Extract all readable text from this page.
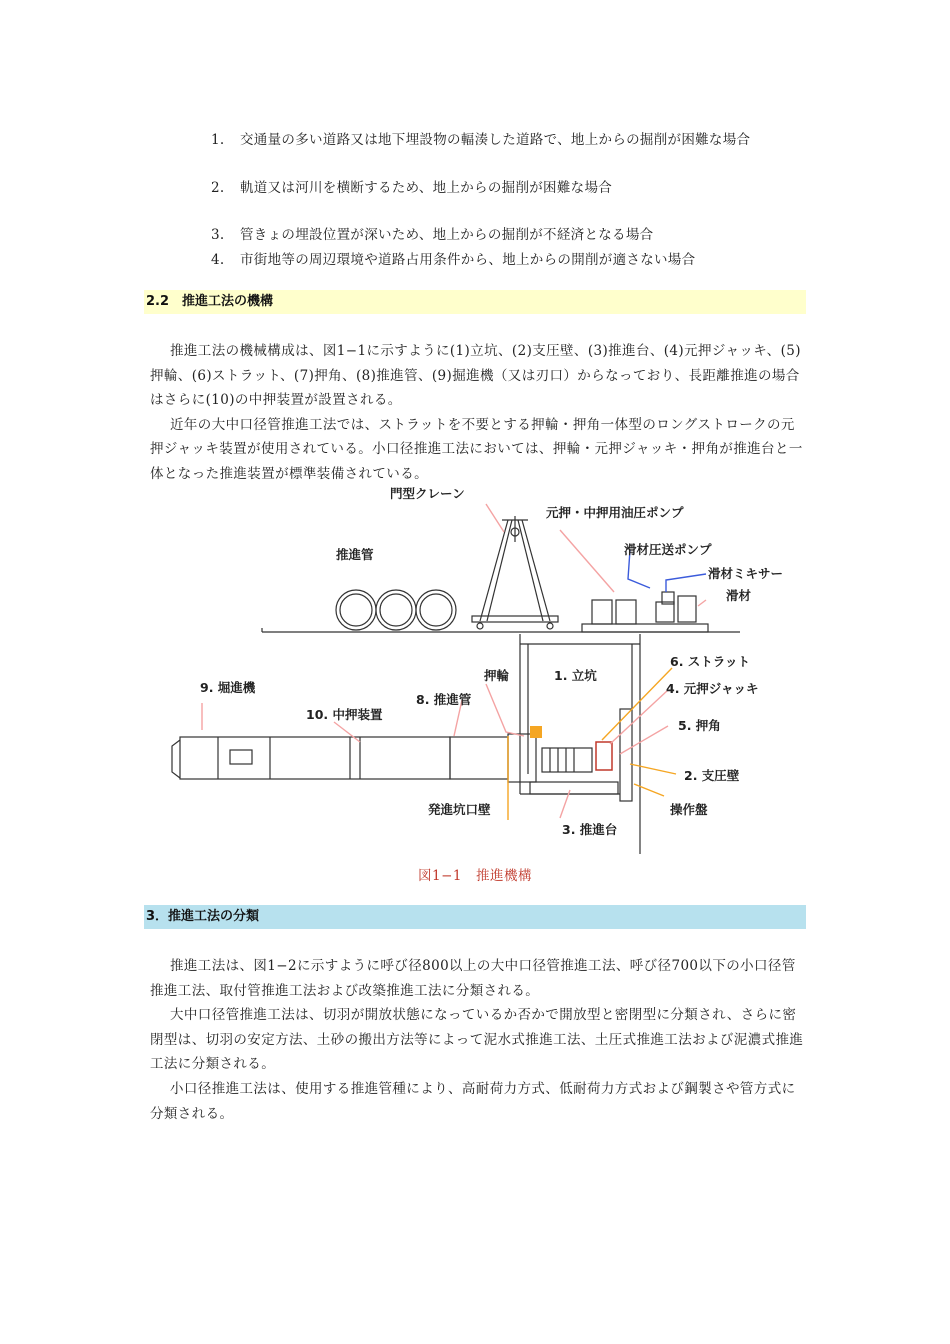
1. 交通量の多い道路又は地下埋設物の輻湊した道路で、地上からの掘削が困難な場合
2. 軌道又は河川を横断するため、地上からの掘削が困難な場合
3. 管きょの埋設位置が深いため、地上からの掘削が不経済となる場合
4. 市街地等の周辺環境や道路占用条件から、地上からの開削が適さない場合
2.2　推進工法の機構

推進工法の機械構成は、図1−1に示すように(1)立坑、(2)支圧壁、(3)推進台、(4)元押ジャッキ、(5)押輪、(6)ストラット、(7)押角、(8)推進管、(9)掘進機（又は刃口）からなっており、長距離推進の場合はさらに(10)の中押装置が設置される。

近年の大中口径管推進工法では、ストラットを不要とする押輪・押角一体型のロングストロークの元押ジャッキ装置が使用されている。小口径推進工法においては、押輪・元押ジャッキ・押角が推進台と一体となった推進装置が標準装備されている。

門型クレーン
元押・中押用油圧ポンプ
推進管	滑材圧送ポンプ
滑材ミキサー
滑材
1. 立坑
6. ストラット
押輪
4. 元押ジャッキ
9. 堀進機
8. 推進管
10. 中押装置
5. 押角
2. 支圧壁
操作盤
発進坑口壁
3. 推進台
図1−1　推進機構
3．推進工法の分類

推進工法は、図1−2に示すように呼び径800以上の大中口径管推進工法、呼び径700以下の小口径管推進工法、取付管推進工法および改築推進工法に分類される。

大中口径管推進工法は、切羽が開放状態になっているか否かで開放型と密閉型に分類され、さらに密閉型は、切羽の安定方法、土砂の搬出方法等によって泥水式推進工法、土圧式推進工法および泥濃式推進工法に分類される。

小口径推進工法は、使用する推進管種により、高耐荷力方式、低耐荷力方式および鋼製さや管方式に分類される。
